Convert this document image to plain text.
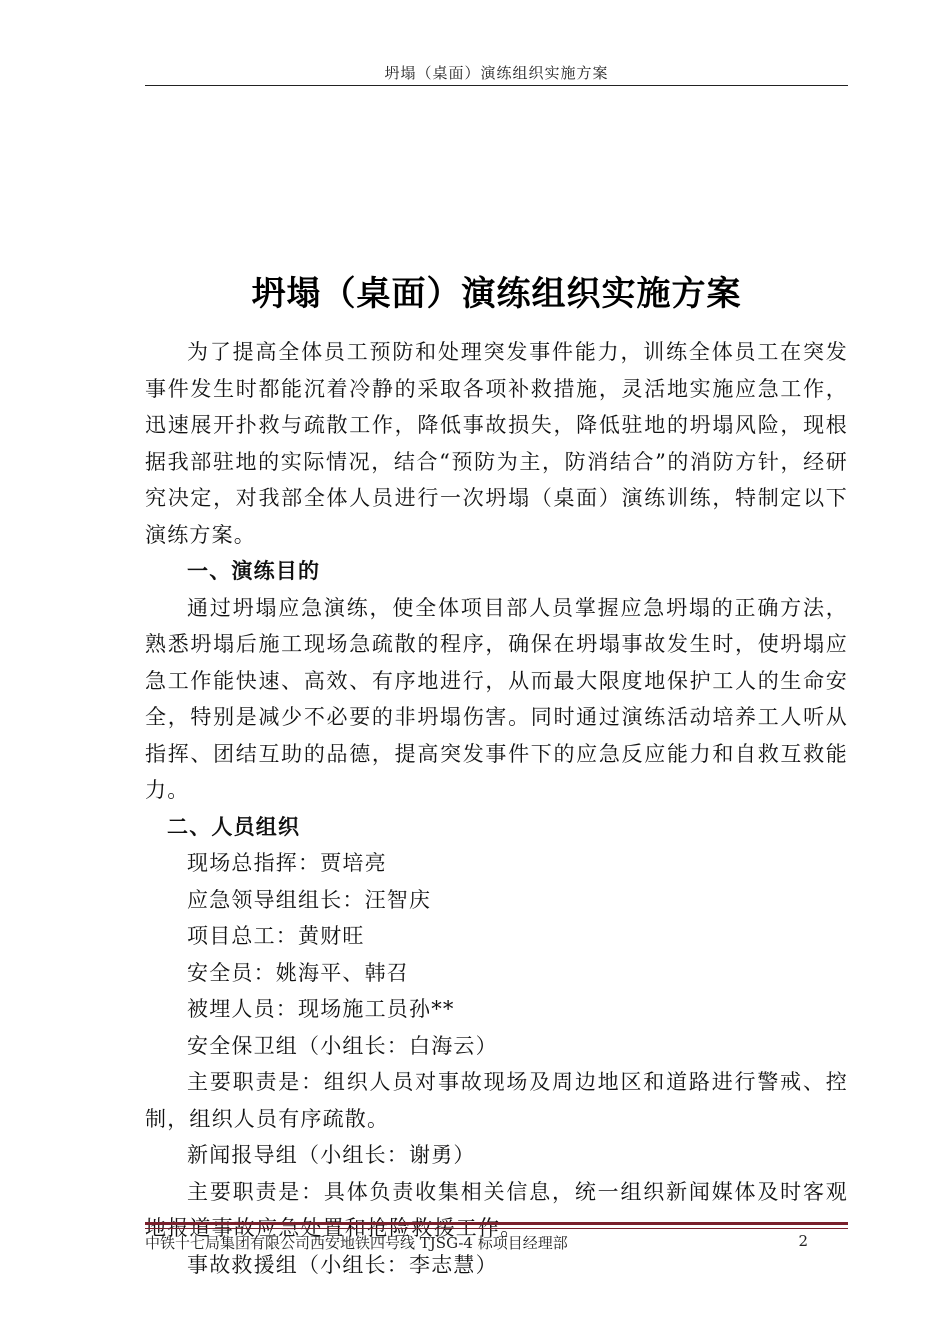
坍塌（桌面）演练组织实施方案
坍塌（桌面）演练组织实施方案

为了提高全体员工预防和处理突发事件能力，训练全体员工在突发事件发生时都能沉着冷静的采取各项补救措施，灵活地实施应急工作，迅速展开扑救与疏散工作，降低事故损失，降低驻地的坍塌风险，现根据我部驻地的实际情况，结合“预防为主，防消结合”的消防方针，经研究决定，对我部全体人员进行一次坍塌（桌面）演练训练，特制定以下演练方案。

一、演练目的

通过坍塌应急演练，使全体项目部人员掌握应急坍塌的正确方法，熟悉坍塌后施工现场急疏散的程序，确保在坍塌事故发生时，使坍塌应急工作能快速、高效、有序地进行，从而最大限度地保护工人的生命安全，特别是减少不必要的非坍塌伤害。同时通过演练活动培养工人听从指挥、团结互助的品德，提高突发事件下的应急反应能力和自救互救能力。

二、人员组织

现场总指挥：贾培亮

应急领导组组长：汪智庆

项目总工：黄财旺

安全员：姚海平、韩召

被埋人员：现场施工员孙**

安全保卫组（小组长：白海云）

主要职责是：组织人员对事故现场及周边地区和道路进行警戒、控制，组织人员有序疏散。

新闻报导组（小组长：谢勇）

主要职责是：具体负责收集相关信息，统一组织新闻媒体及时客观地报道事故应急处置和抢险救援工作。

事故救援组（小组长：李志慧）

中铁十七局集团有限公司西安地铁四号线 TJSG-4 标项目经理部	2
